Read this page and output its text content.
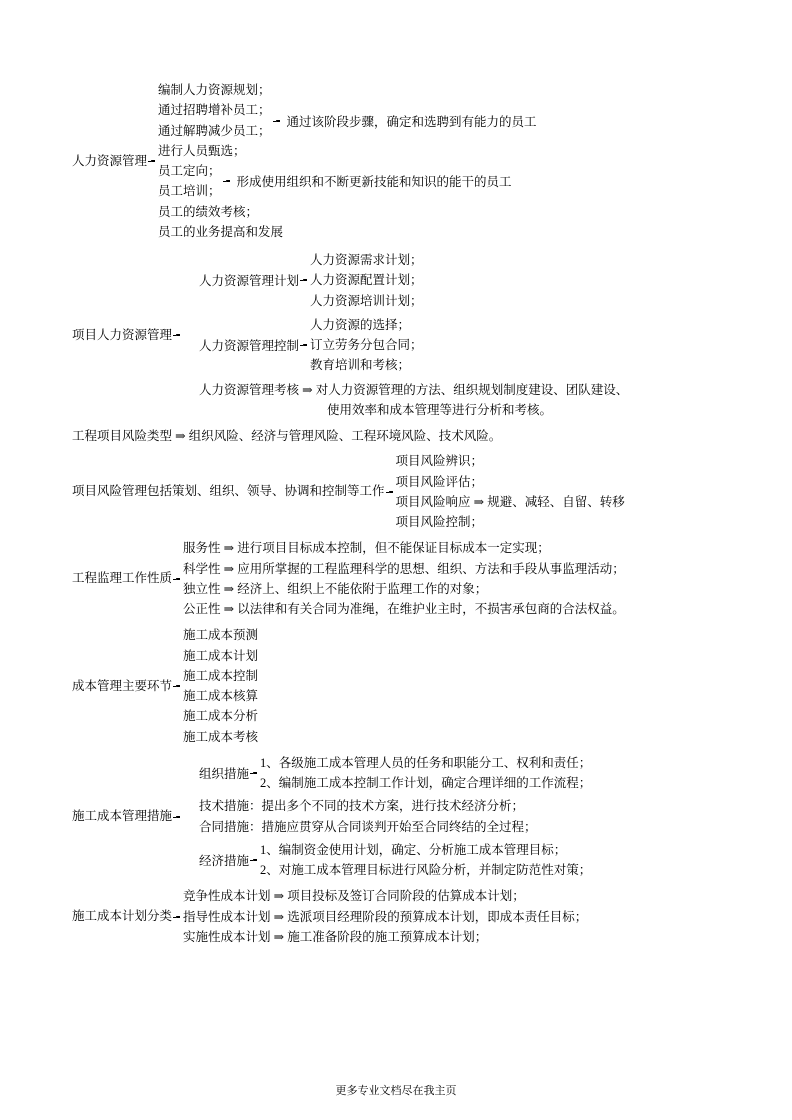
人力资源管理
编制人力资源规划；
通过招聘增补员工；
通过解聘减少员工；
进行人员甄选；
通过该阶段步骤，确定和选聘到有能力的员工
员工定向；
员工培训；
形成使用组织和不断更新技能和知识的能干的员工
员工的绩效考核；
员工的业务提高和发展
项目人力资源管理
人力资源管理计划
人力资源需求计划；
人力资源配置计划；
人力资源培训计划；
人力资源管理控制
人力资源的选择；
订立劳务分包合同；
教育培训和考核；
人力资源管理考核 ⇒ 对人力资源管理的方法、组织规划制度建设、团队建设、
使用效率和成本管理等进行分析和考核。
工程项目风险类型 ⇒ 组织风险、经济与管理风险、工程环境风险、技术风险。
项目风险管理包括策划、组织、领导、协调和控制等工作
项目风险辨识；
项目风险评估；
项目风险响应 ⇒ 规避、减轻、自留、转移
项目风险控制；
工程监理工作性质
服务性 ⇒ 进行项目目标成本控制，但不能保证目标成本一定实现；
科学性 ⇒ 应用所掌握的工程监理科学的思想、组织、方法和手段从事监理活动；
独立性 ⇒ 经济上、组织上不能依附于监理工作的对象；
公正性 ⇒ 以法律和有关合同为准绳，在维护业主时，不损害承包商的合法权益。
成本管理主要环节
施工成本预测
施工成本计划
施工成本控制
施工成本核算
施工成本分析
施工成本考核
施工成本管理措施
组织措施
1、各级施工成本管理人员的任务和职能分工、权利和责任；
2、编制施工成本控制工作计划，确定合理详细的工作流程；
技术措施：提出多个不同的技术方案，进行技术经济分析；
合同措施：措施应贯穿从合同谈判开始至合同终结的全过程；
经济措施
1、编制资金使用计划，确定、分析施工成本管理目标；
2、对施工成本管理目标进行风险分析，并制定防范性对策；
施工成本计划分类
竞争性成本计划 ⇒ 项目投标及签订合同阶段的估算成本计划；
指导性成本计划 ⇒ 选派项目经理阶段的预算成本计划，即成本责任目标；
实施性成本计划 ⇒ 施工准备阶段的施工预算成本计划；
更多专业文档尽在我主页
